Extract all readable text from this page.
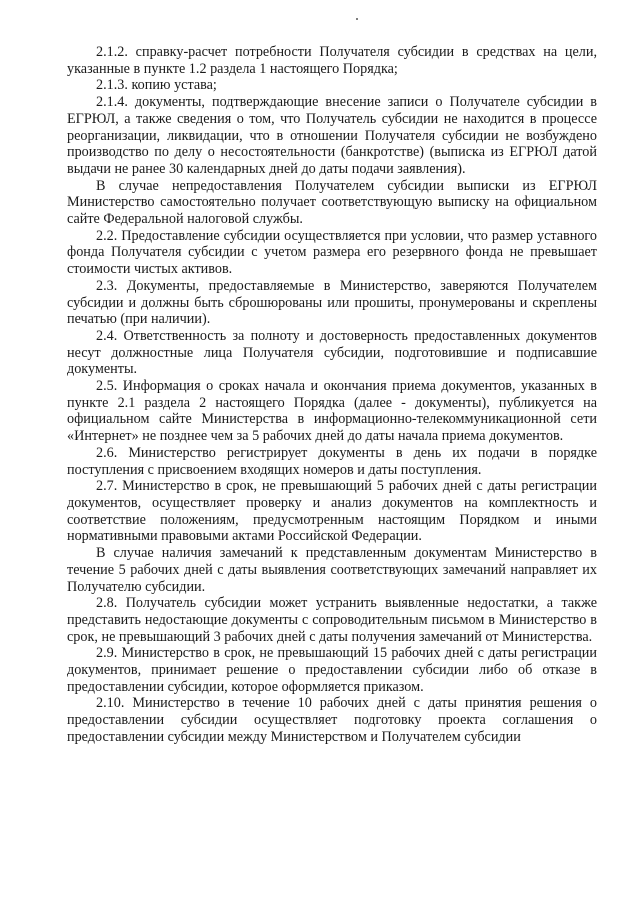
2.1.2. справку-расчет потребности Получателя субсидии в средствах на цели, указанные в пункте 1.2 раздела 1 настоящего Порядка;

2.1.3. копию устава;

2.1.4. документы, подтверждающие внесение записи о Получателе субсидии в ЕГРЮЛ, а также сведения о том, что Получатель субсидии не находится в процессе реорганизации, ликвидации, что в отношении Получателя субсидии не возбуждено производство по делу о несостоятельности (банкротстве) (выписка из ЕГРЮЛ датой выдачи не ранее 30 календарных дней до даты подачи заявления).

В случае непредоставления Получателем субсидии выписки из ЕГРЮЛ Министерство самостоятельно получает соответствующую выписку на официальном сайте Федеральной налоговой службы.

2.2. Предоставление субсидии осуществляется при условии, что размер уставного фонда Получателя субсидии с учетом размера его резервного фонда не превышает стоимости чистых активов.

2.3. Документы, предоставляемые в Министерство, заверяются Получателем субсидии и должны быть сброшюрованы или прошиты, пронумерованы и скреплены печатью (при наличии).

2.4. Ответственность за полноту и достоверность предоставленных документов несут должностные лица Получателя субсидии, подготовившие и подписавшие документы.

2.5. Информация о сроках начала и окончания приема документов, указанных в пункте 2.1 раздела 2 настоящего Порядка (далее - документы), публикуется на официальном сайте Министерства в информационно-телекоммуникационной сети «Интернет» не позднее чем за 5 рабочих дней до даты начала приема документов.

2.6. Министерство регистрирует документы в день их подачи в порядке поступления с присвоением входящих номеров и даты поступления.

2.7. Министерство в срок, не превышающий 5 рабочих дней с даты регистрации документов, осуществляет проверку и анализ документов на комплектность и соответствие положениям, предусмотренным настоящим Порядком и иными нормативными правовыми актами Российской Федерации.

В случае наличия замечаний к представленным документам Министерство в течение 5 рабочих дней с даты выявления соответствующих замечаний направляет их Получателю субсидии.

2.8. Получатель субсидии может устранить выявленные недостатки, а также представить недостающие документы с сопроводительным письмом в Министерство в срок, не превышающий 3 рабочих дней с даты получения замечаний от Министерства.

2.9. Министерство в срок, не превышающий 15 рабочих дней с даты регистрации документов, принимает решение о предоставлении субсидии либо об отказе в предоставлении субсидии, которое оформляется приказом.

2.10. Министерство в течение 10 рабочих дней с даты принятия решения о предоставлении субсидии осуществляет подготовку проекта соглашения о предоставлении субсидии между Министерством и Получателем субсидии
